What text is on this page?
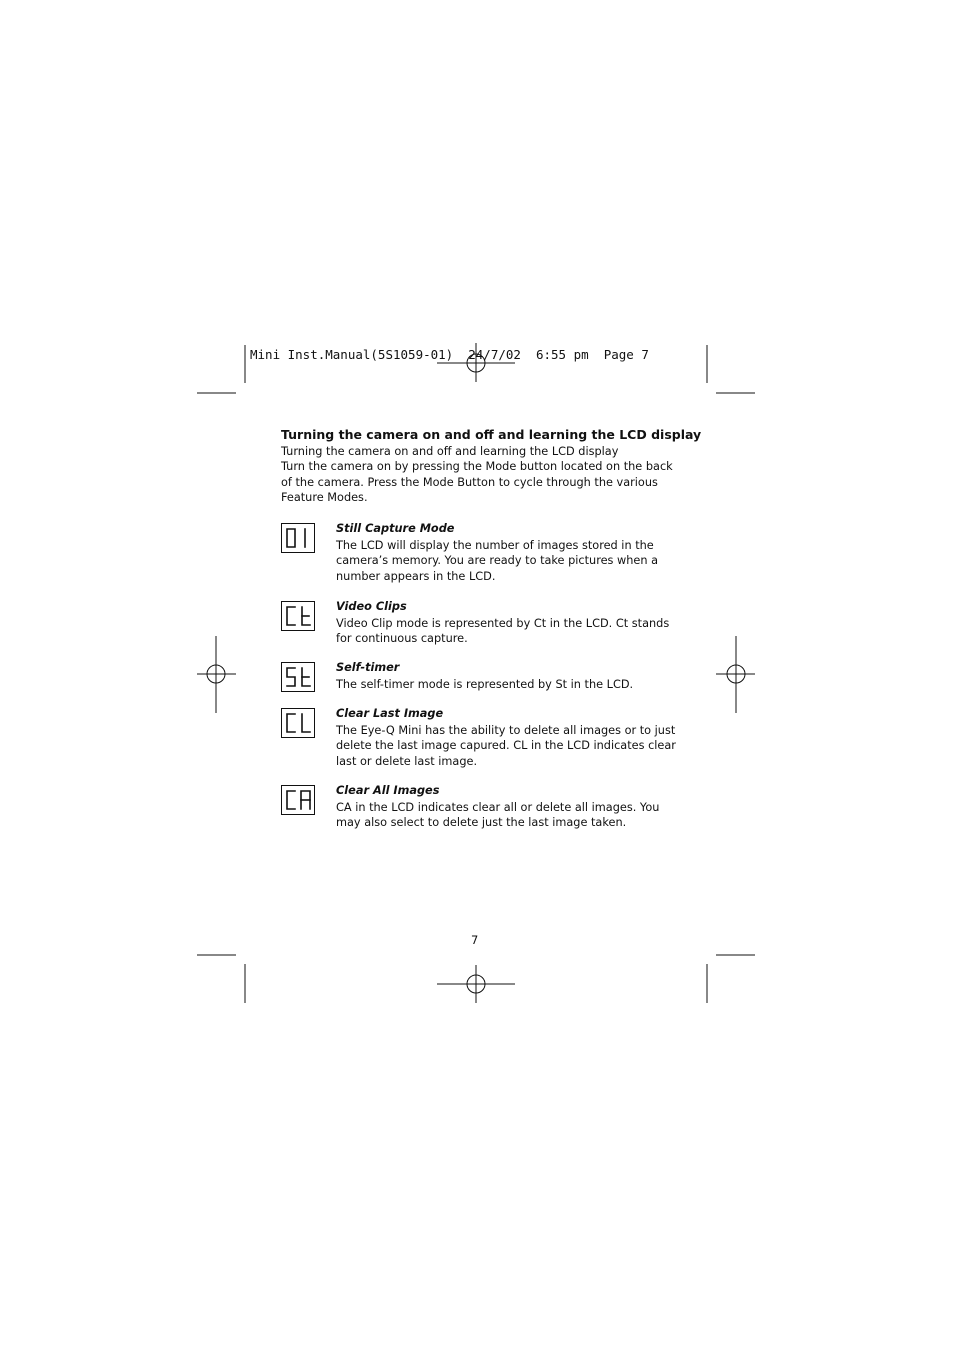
Mini Inst.Manual(5S1059-01)  24/7/02  6:55 pm  Page 7
Turning the camera on and off and learning the LCD display
Turning the camera on and off and learning the LCD display
Turn the camera on by pressing the Mode button located on the back of the camera. Press the Mode Button to cycle through the various Feature Modes.
Still Capture Mode
The LCD will display the number of images stored in the camera’s memory. You are ready to take pictures when a number appears in the LCD.
Video Clips
Video Clip mode is represented by Ct in the LCD. Ct stands for continuous capture.
Self-timer
The self-timer mode is represented by St in the LCD.
Clear Last Image
The Eye-Q Mini has the ability to delete all images or to just delete the last image capured. CL in the LCD indicates clear last or delete last image.
Clear All Images
CA in the LCD indicates clear all or delete all images. You may also select to delete just the last image taken.
7
